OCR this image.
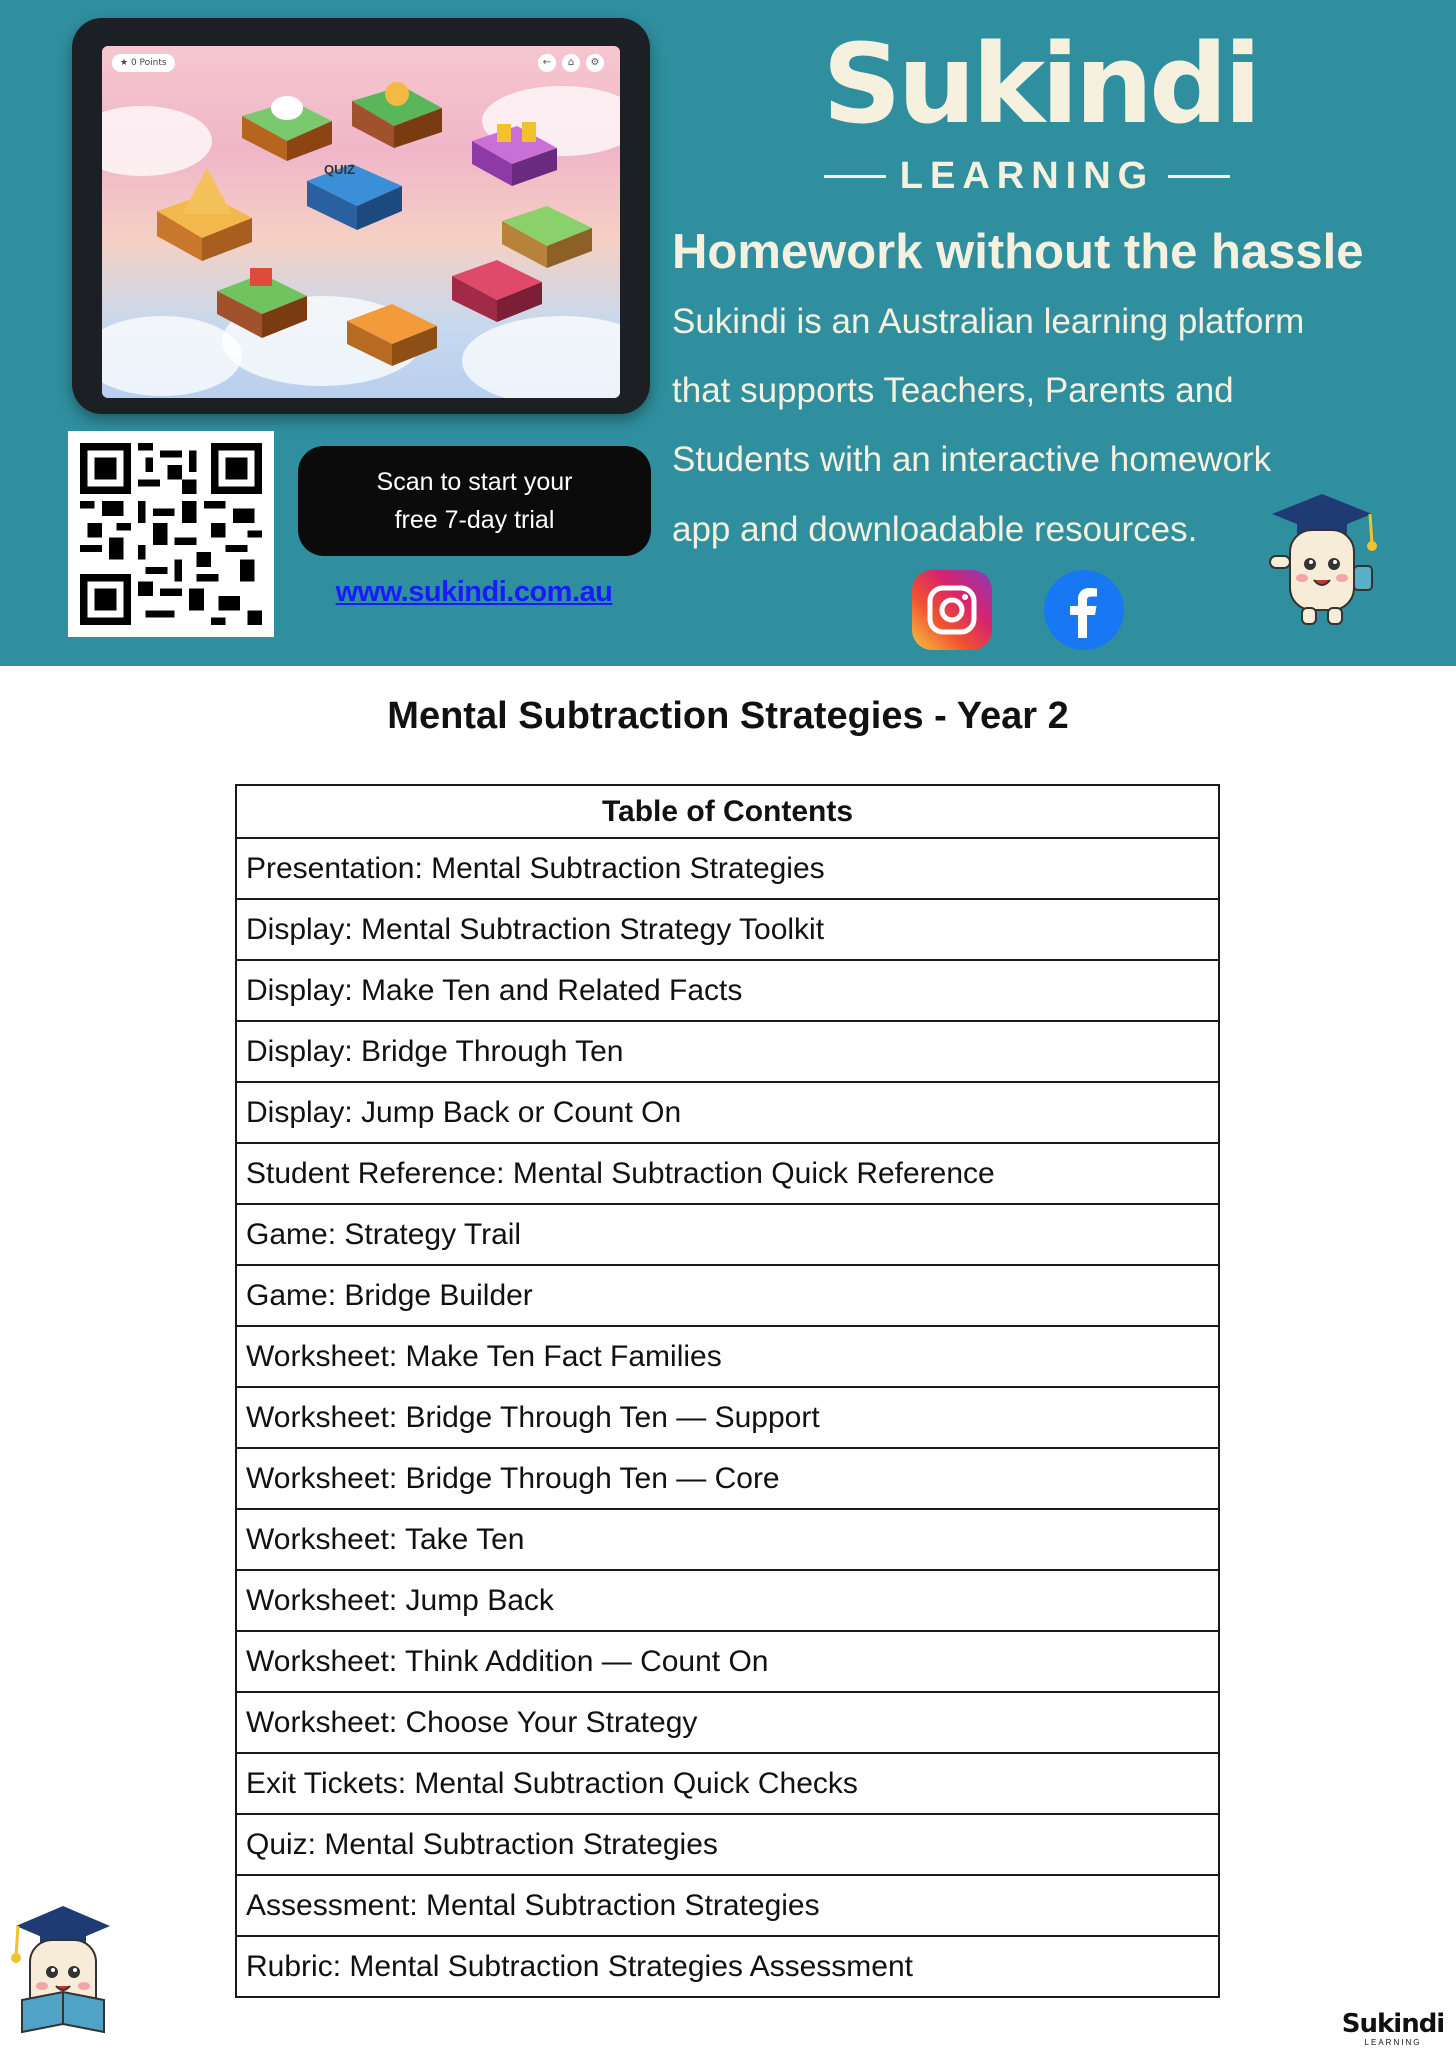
★ 0 Points	←	⌂	⚙
QUIZ
Scan to start your
free 7-day trial
www.sukindi.com.au
Sukindi
LEARNING
Homework without the hassle
Sukindi is an Australian learning platform
that supports Teachers, Parents and
Students with an interactive homework
app and downloadable resources.
Mental Subtraction Strategies - Year 2
Table of Contents
Presentation: Mental Subtraction Strategies
Display: Mental Subtraction Strategy Toolkit
Display: Make Ten and Related Facts
Display: Bridge Through Ten
Display: Jump Back or Count On
Student Reference: Mental Subtraction Quick Reference
Game: Strategy Trail
Game: Bridge Builder
Worksheet: Make Ten Fact Families
Worksheet: Bridge Through Ten — Support
Worksheet: Bridge Through Ten — Core
Worksheet: Take Ten
Worksheet: Jump Back
Worksheet: Think Addition — Count On
Worksheet: Choose Your Strategy
Exit Tickets: Mental Subtraction Quick Checks
Quiz: Mental Subtraction Strategies
Assessment: Mental Subtraction Strategies
Rubric: Mental Subtraction Strategies Assessment
Sukindi
LEARNING
